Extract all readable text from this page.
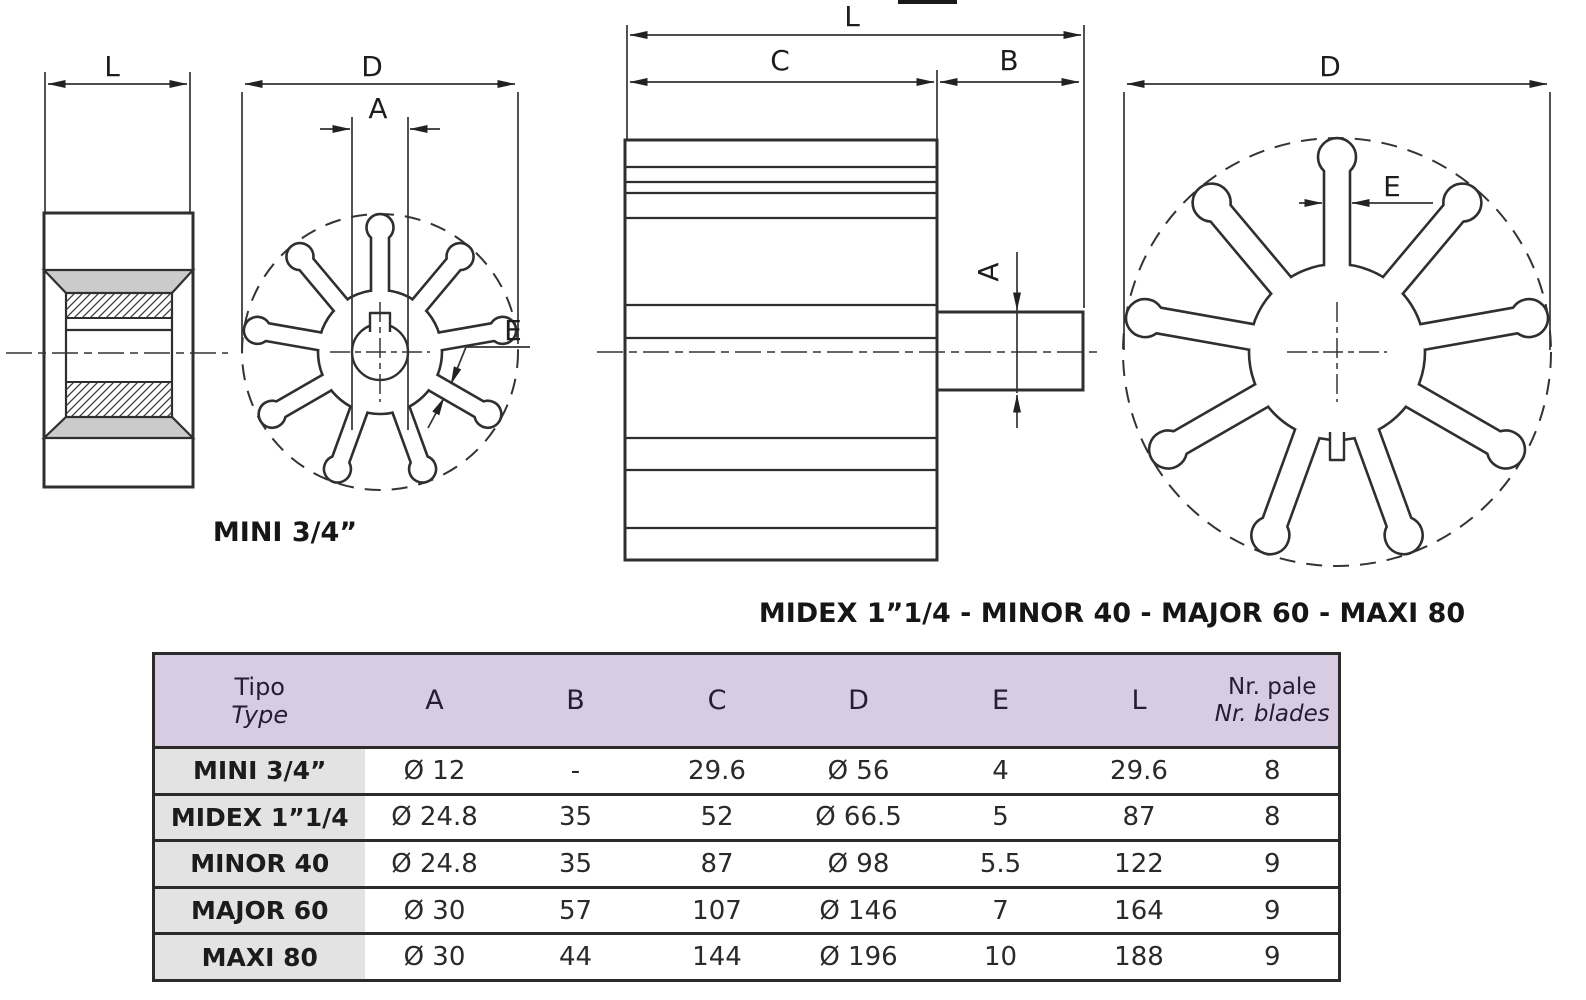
L	D
A
E
MINI 3/4”
L
C	B
A
D
E
MIDEX 1”1/4 - MINOR 40 - MAJOR 60 - MAXI 80
Tipo
Type	A	B	C	D	E	L	Nr. pale
Nr. blades

MINI 3/4”	Ø 12	-	29.6	Ø 56	4	29.6	8
MIDEX 1”1/4	Ø 24.8	35	52	Ø 66.5	5	87	8
MINOR 40	Ø 24.8	35	87	Ø 98	5.5	122	9
MAJOR 60	Ø 30	57	107	Ø 146	7	164	9
MAXI 80	Ø 30	44	144	Ø 196	10	188	9
